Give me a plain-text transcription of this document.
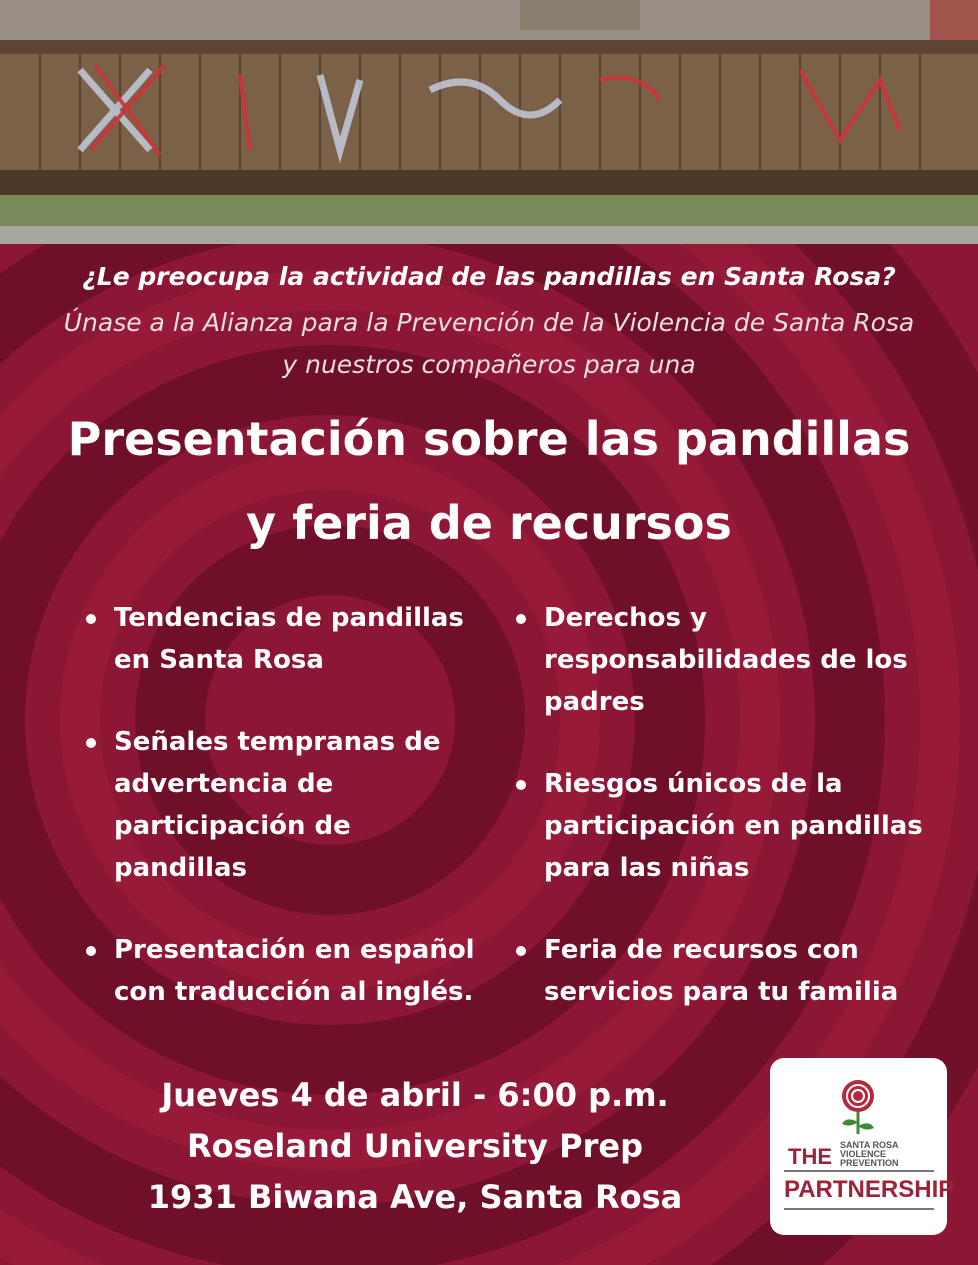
¿Le preocupa la actividad de las pandillas en Santa Rosa?
Únase a la Alianza para la Prevención de la Violencia de Santa Rosa
y nuestros compañeros para una
Presentación sobre las pandillas
y feria de recursos
Tendencias de pandillas en Santa Rosa
Señales tempranas de advertencia de participación de pandillas
Presentación en español con traducción al inglés.
Derechos y responsabilidades de los padres
Riesgos únicos de la participación en pandillas para las niñas
Feria de recursos con servicios para tu familia
Jueves 4 de abril - 6:00 p.m.
Roseland University Prep
1931 Biwana Ave, Santa Rosa
THE SANTA ROSA
VIOLENCE
PREVENTION
PARTNERSHIP
